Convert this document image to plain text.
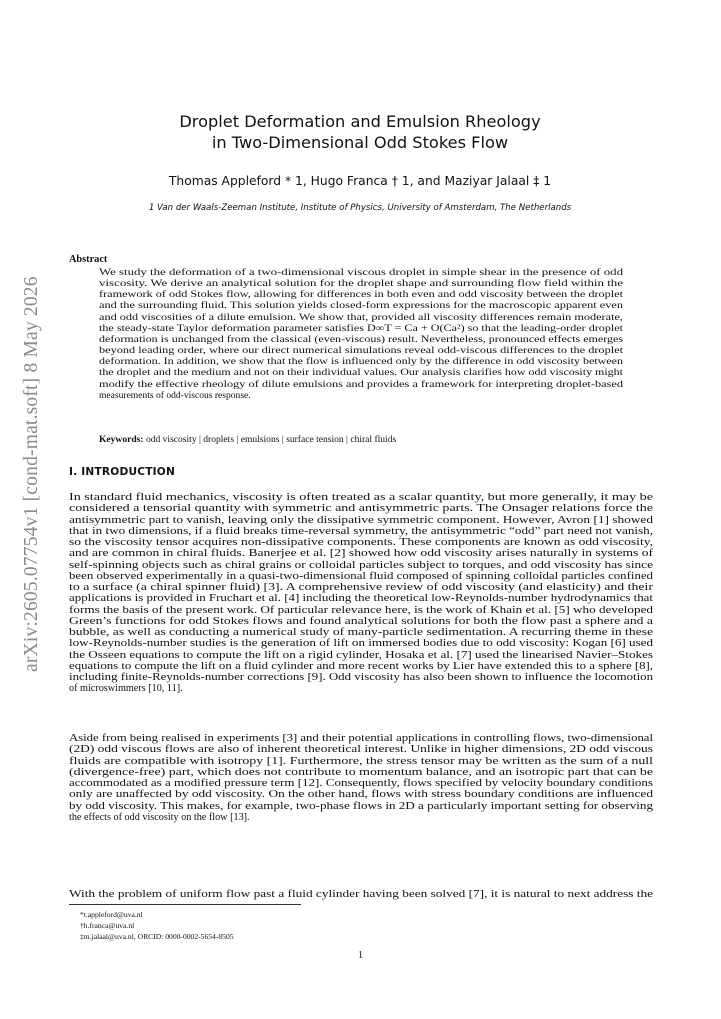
arXiv:2605.07754v1 [cond-mat.soft] 8 May 2026
Droplet Deformation and Emulsion Rheology
in Two-Dimensional Odd Stokes Flow
Thomas Appleford * 1, Hugo Franca † 1, and Maziyar Jalaal ‡ 1
1 Van der Waals-Zeeman Institute, Institute of Physics, University of Amsterdam, The Netherlands
Abstract
We study the deformation of a two-dimensional viscous droplet in simple shear in the presence of odd
viscosity. We derive an analytical solution for the droplet shape and surrounding flow field within the
framework of odd Stokes flow, allowing for differences in both even and odd viscosity between the droplet
and the surrounding fluid. This solution yields closed-form expressions for the macroscopic apparent even
and odd viscosities of a dilute emulsion. We show that, provided all viscosity differences remain moderate,
the steady-state Taylor deformation parameter satisfies D∞T = Ca + O(Ca²) so that the leading-order droplet
deformation is unchanged from the classical (even-viscous) result. Nevertheless, pronounced effects emerges
beyond leading order, where our direct numerical simulations reveal odd-viscous differences to the droplet
deformation. In addition, we show that the flow is influenced only by the difference in odd viscosity between
the droplet and the medium and not on their individual values. Our analysis clarifies how odd viscosity might
modify the effective rheology of dilute emulsions and provides a framework for interpreting droplet-based
measurements of odd-viscous response.
Keywords: odd viscosity | droplets | emulsions | surface tension | chiral fluids
I. INTRODUCTION
In standard fluid mechanics, viscosity is often treated as a scalar quantity, but more generally, it may be
considered a tensorial quantity with symmetric and antisymmetric parts. The Onsager relations force the
antisymmetric part to vanish, leaving only the dissipative symmetric component. However, Avron [1] showed
that in two dimensions, if a fluid breaks time-reversal symmetry, the antisymmetric “odd” part need not vanish,
so the viscosity tensor acquires non-dissipative components. These components are known as odd viscosity,
and are common in chiral fluids. Banerjee et al. [2] showed how odd viscosity arises naturally in systems of
self-spinning objects such as chiral grains or colloidal particles subject to torques, and odd viscosity has since
been observed experimentally in a quasi-two-dimensional fluid composed of spinning colloidal particles confined
to a surface (a chiral spinner fluid) [3]. A comprehensive review of odd viscosity (and elasticity) and their
applications is provided in Fruchart et al. [4] including the theoretical low-Reynolds-number hydrodynamics that
forms the basis of the present work. Of particular relevance here, is the work of Khain et al. [5] who developed
Green’s functions for odd Stokes flows and found analytical solutions for both the flow past a sphere and a
bubble, as well as conducting a numerical study of many-particle sedimentation. A recurring theme in these
low-Reynolds-number studies is the generation of lift on immersed bodies due to odd viscosity: Kogan [6] used
the Osseen equations to compute the lift on a rigid cylinder, Hosaka et al. [7] used the linearised Navier–Stokes
equations to compute the lift on a fluid cylinder and more recent works by Lier have extended this to a sphere [8],
including finite-Reynolds-number corrections [9]. Odd viscosity has also been shown to influence the locomotion
of microswimmers [10, 11].
Aside from being realised in experiments [3] and their potential applications in controlling flows, two-dimensional
(2D) odd viscous flows are also of inherent theoretical interest. Unlike in higher dimensions, 2D odd viscous
fluids are compatible with isotropy [1]. Furthermore, the stress tensor may be written as the sum of a null
(divergence-free) part, which does not contribute to momentum balance, and an isotropic part that can be
accommodated as a modified pressure term [12]. Consequently, flows specified by velocity boundary conditions
only are unaffected by odd viscosity. On the other hand, flows with stress boundary conditions are influenced
by odd viscosity. This makes, for example, two-phase flows in 2D a particularly important setting for observing
the effects of odd viscosity on the flow [13].
With the problem of uniform flow past a fluid cylinder having been solved [7], it is natural to next address the
*t.appleford@uva.nl
†h.franca@uva.nl
‡m.jalaal@uva.nl, ORCID: 0000-0002-5654-8505
1
